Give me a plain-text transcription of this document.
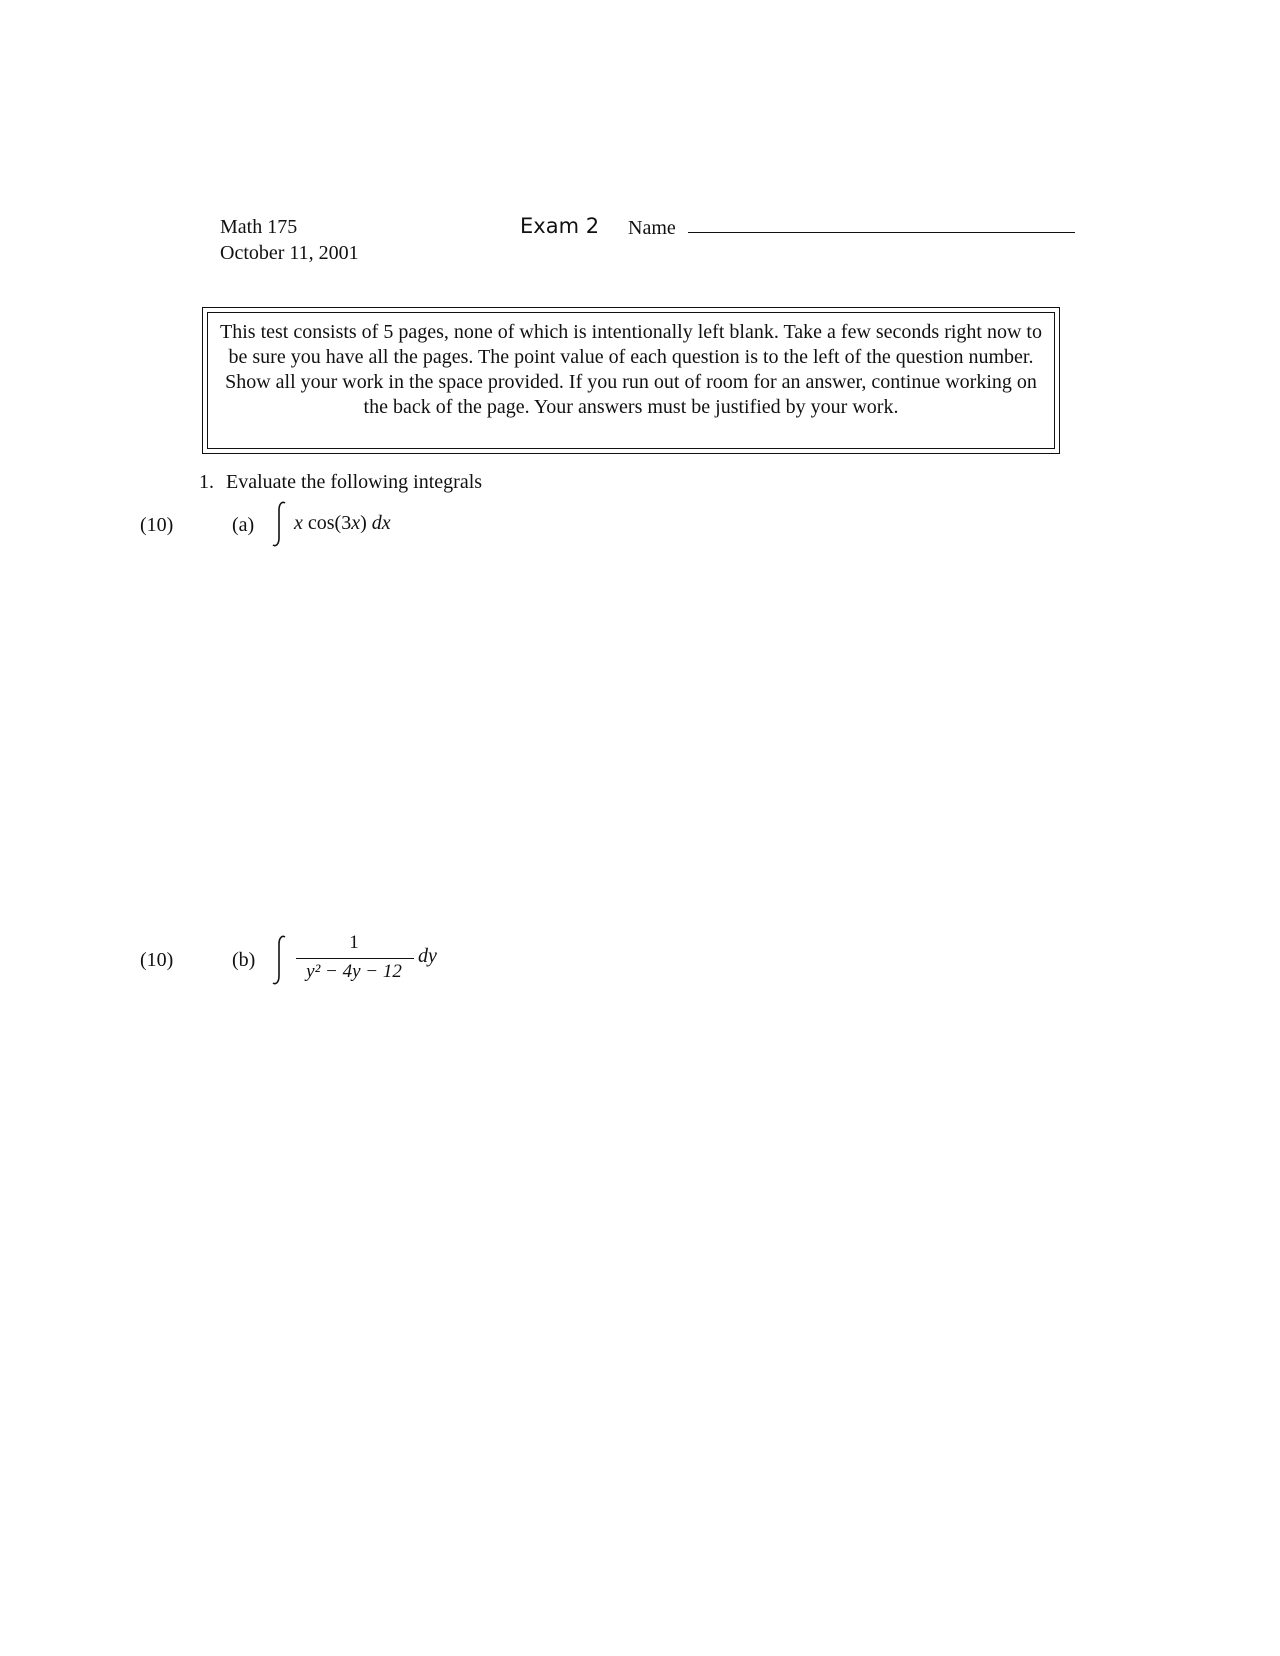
Math 175
October 11, 2001
Exam 2 Name
This test consists of 5 pages, none of which is intentionally left blank. Take a few seconds right now to be sure you have all the pages. The point value of each question is to the left of the question number. Show all your work in the space provided. If you run out of room for an answer, continue working on the back of the page. Your answers must be justified by your work.
1. Evaluate the following integrals
(10)	(a) x cos(3x) dx
(10)	(b)
1
y² − 4y − 12
dy
